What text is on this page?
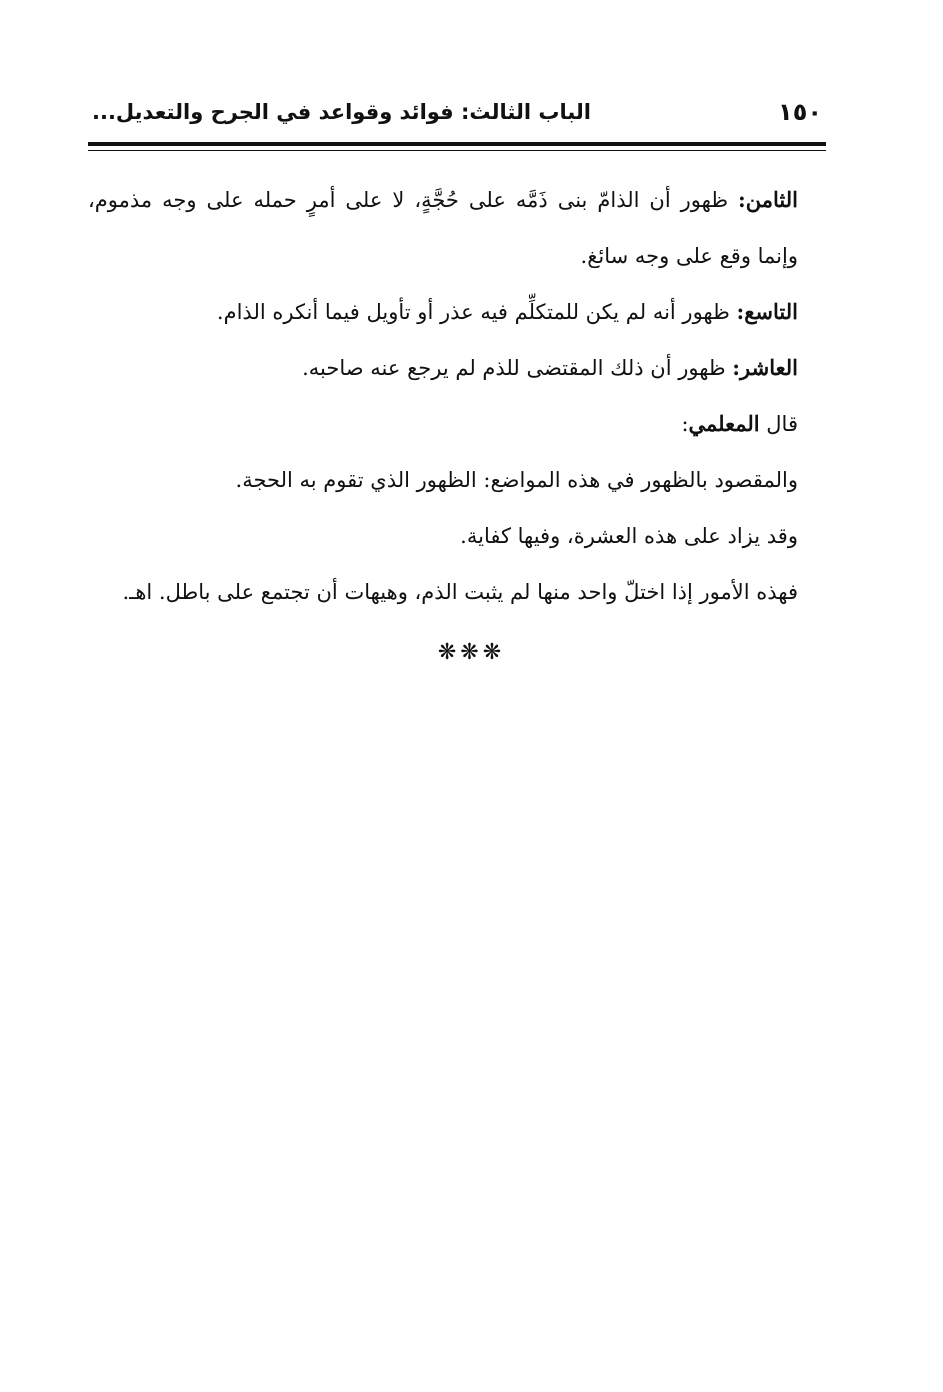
١٥٠
الباب الثالث: فوائد وقواعد في الجرح والتعديل...

الثامن: ظهور أن الذامّ بنى ذَمَّه على حُجَّةٍ، لا على أمرٍ حمله على وجه مذموم، وإنما وقع على وجه سائغ.

التاسع: ظهور أنه لم يكن للمتكلِّم فيه عذر أو تأويل فيما أنكره الذام.

العاشر: ظهور أن ذلك المقتضى للذم لم يرجع عنه صاحبه.

قال المعلمي:

والمقصود بالظهور في هذه المواضع: الظهور الذي تقوم به الحجة.

وقد يزاد على هذه العشرة، وفيها كفاية.

فهذه الأمور إذا اختلّ واحد منها لم يثبت الذم، وهيهات أن تجتمع على باطل. اهـ.

❋❋❋
